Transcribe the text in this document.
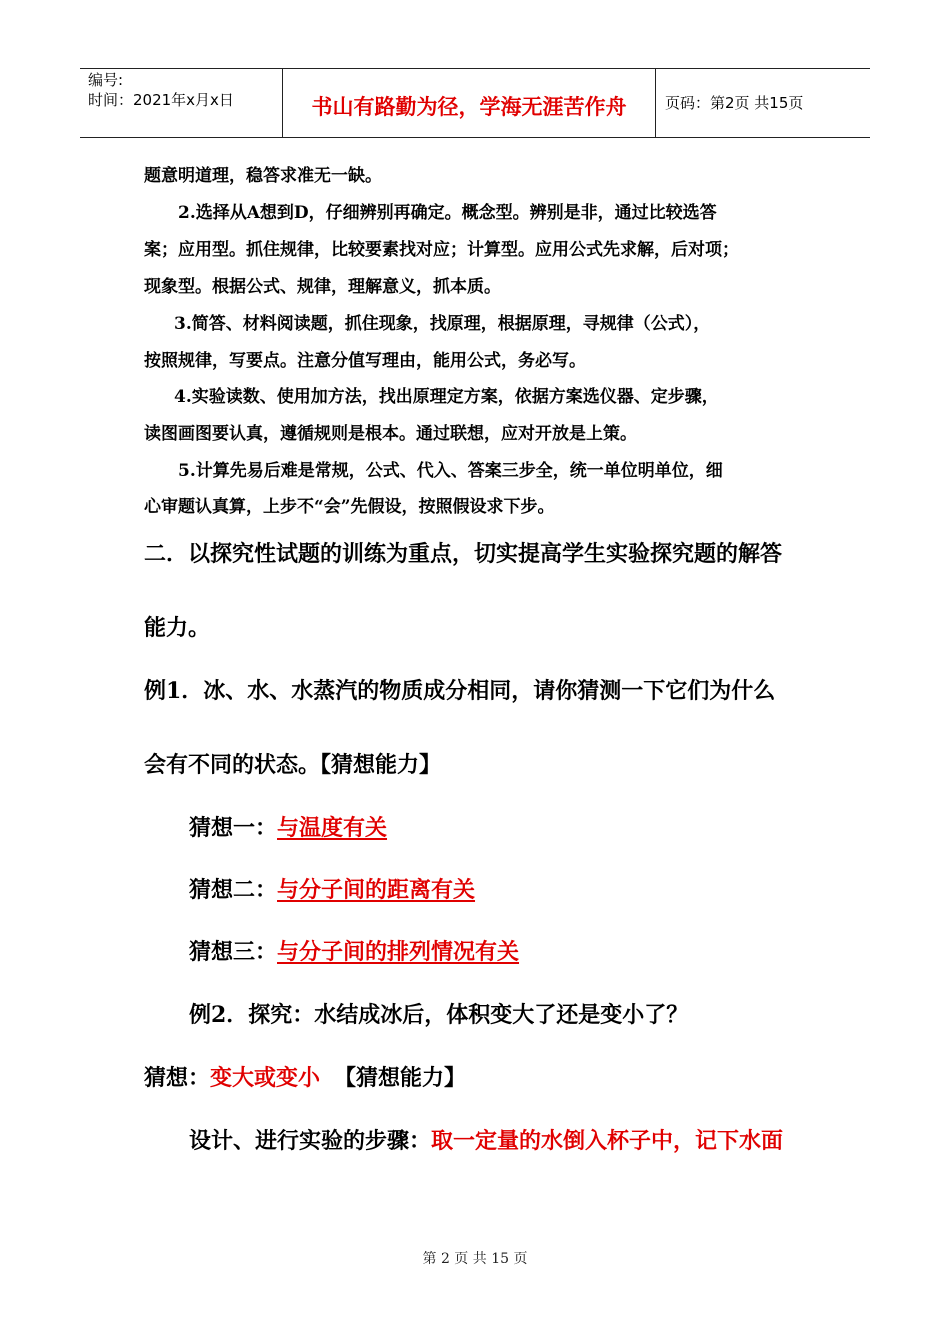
编号:
时间：2021年x月x日	书山有路勤为径，学海无涯苦作舟	页码：第2页 共15页
题意明道理，稳答求准无一缺。
2.选择从A想到D，仔细辨别再确定。概念型。辨别是非，通过比较选答
案；应用型。抓住规律，比较要素找对应；计算型。应用公式先求解，后对项；
现象型。根据公式、规律，理解意义，抓本质。
3.简答、材料阅读题，抓住现象，找原理，根据原理，寻规律（公式），
按照规律，写要点。注意分值写理由，能用公式，务必写。
4.实验读数、使用加方法，找出原理定方案，依据方案选仪器、定步骤，
读图画图要认真，遵循规则是根本。通过联想，应对开放是上策。
5.计算先易后难是常规，公式、代入、答案三步全，统一单位明单位，细
心审题认真算，上步不“会”先假设，按照假设求下步。
二．以探究性试题的训练为重点，切实提高学生实验探究题的解答
能力。
例1．冰、水、水蒸汽的物质成分相同，请你猜测一下它们为什么
会有不同的状态。【猜想能力】
猜想一：与温度有关
猜想二：与分子间的距离有关
猜想三：与分子间的排列情况有关
例2．探究：水结成冰后，体积变大了还是变小了？
猜想：变大或变小 【猜想能力】
设计、进行实验的步骤：取一定量的水倒入杯子中，记下水面
第 2 页 共 15 页
